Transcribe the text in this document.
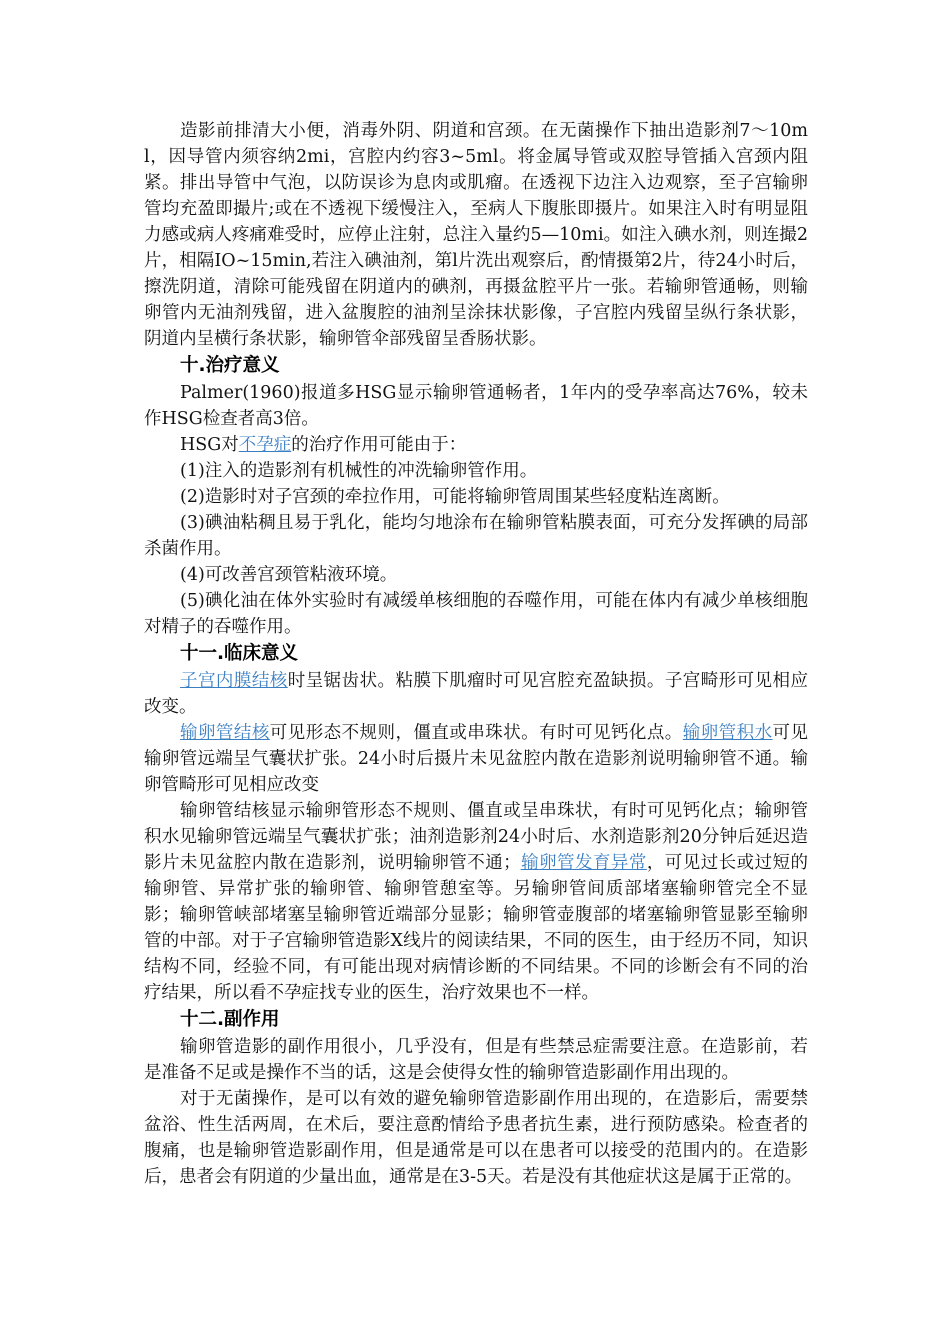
造影前排清大小便，消毒外阴、阴道和宫颈。在无菌操作下抽出造影剂7～10ml，因导管内须容纳2mi，宫腔内约容3~5ml。将金属导管或双腔导管插入宫颈内阻紧。排出导管中气泡，以防误诊为息肉或肌瘤。在透视下边注入边观察，至子宫输卵管均充盈即撮片;或在不透视下缓慢注入，至病人下腹胀即摄片。如果注入时有明显阻力感或病人疼痛难受时，应停止注射，总注入量约5—10mi。如注入碘水剂，则连撮2片，相隔IO~15min,若注入碘油剂，第l片洗出观察后，酌情摄第2片，待24小时后，擦洗阴道，清除可能残留在阴道内的碘剂，再摄盆腔平片一张。若输卵管通畅，则输卵管内无油剂残留，进入盆腹腔的油剂呈涂抹状影像，子宫腔内残留呈纵行条状影，阴道内呈横行条状影，输卵管伞部残留呈香肠状影。

十.治疗意义

Palmer(1960)报道多HSG显示输卵管通畅者，1年内的受孕率高达76%，较未作HSG检查者高3倍。

HSG对不孕症的治疗作用可能由于：

(1)注入的造影剂有机械性的冲洗输卵管作用。

(2)造影时对子宫颈的牵拉作用，可能将输卵管周围某些轻度粘连离断。

(3)碘油粘稠且易于乳化，能均匀地涂布在输卵管粘膜表面，可充分发挥碘的局部杀菌作用。

(4)可改善宫颈管粘液环境。

(5)碘化油在体外实验时有减缓单核细胞的吞噬作用，可能在体内有减少单核细胞对精子的吞噬作用。

十一.临床意义

子宫内膜结核时呈锯齿状。粘膜下肌瘤时可见宫腔充盈缺损。子宫畸形可见相应改变。

输卵管结核可见形态不规则，僵直或串珠状。有时可见钙化点。输卵管积水可见输卵管远端呈气囊状扩张。24小时后摄片未见盆腔内散在造影剂说明输卵管不通。输卵管畸形可见相应改变

输卵管结核显示输卵管形态不规则、僵直或呈串珠状，有时可见钙化点；输卵管积水见输卵管远端呈气囊状扩张；油剂造影剂24小时后、水剂造影剂20分钟后延迟造影片未见盆腔内散在造影剂，说明输卵管不通；输卵管发育异常，可见过长或过短的输卵管、异常扩张的输卵管、输卵管憩室等。另输卵管间质部堵塞输卵管完全不显影；输卵管峡部堵塞呈输卵管近端部分显影；输卵管壶腹部的堵塞输卵管显影至输卵管的中部。对于子宫输卵管造影X线片的阅读结果，不同的医生，由于经历不同，知识结构不同，经验不同，有可能出现对病情诊断的不同结果。不同的诊断会有不同的治疗结果，所以看不孕症找专业的医生，治疗效果也不一样。

十二.副作用

输卵管造影的副作用很小，几乎没有，但是有些禁忌症需要注意。在造影前，若是准备不足或是操作不当的话，这是会使得女性的输卵管造影副作用出现的。

对于无菌操作，是可以有效的避免输卵管造影副作用出现的，在造影后，需要禁盆浴、性生活两周，在术后，要注意酌情给予患者抗生素，进行预防感染。检查者的腹痛，也是输卵管造影副作用，但是通常是可以在患者可以接受的范围内的。在造影后，患者会有阴道的少量出血，通常是在3-5天。若是没有其他症状这是属于正常的。
